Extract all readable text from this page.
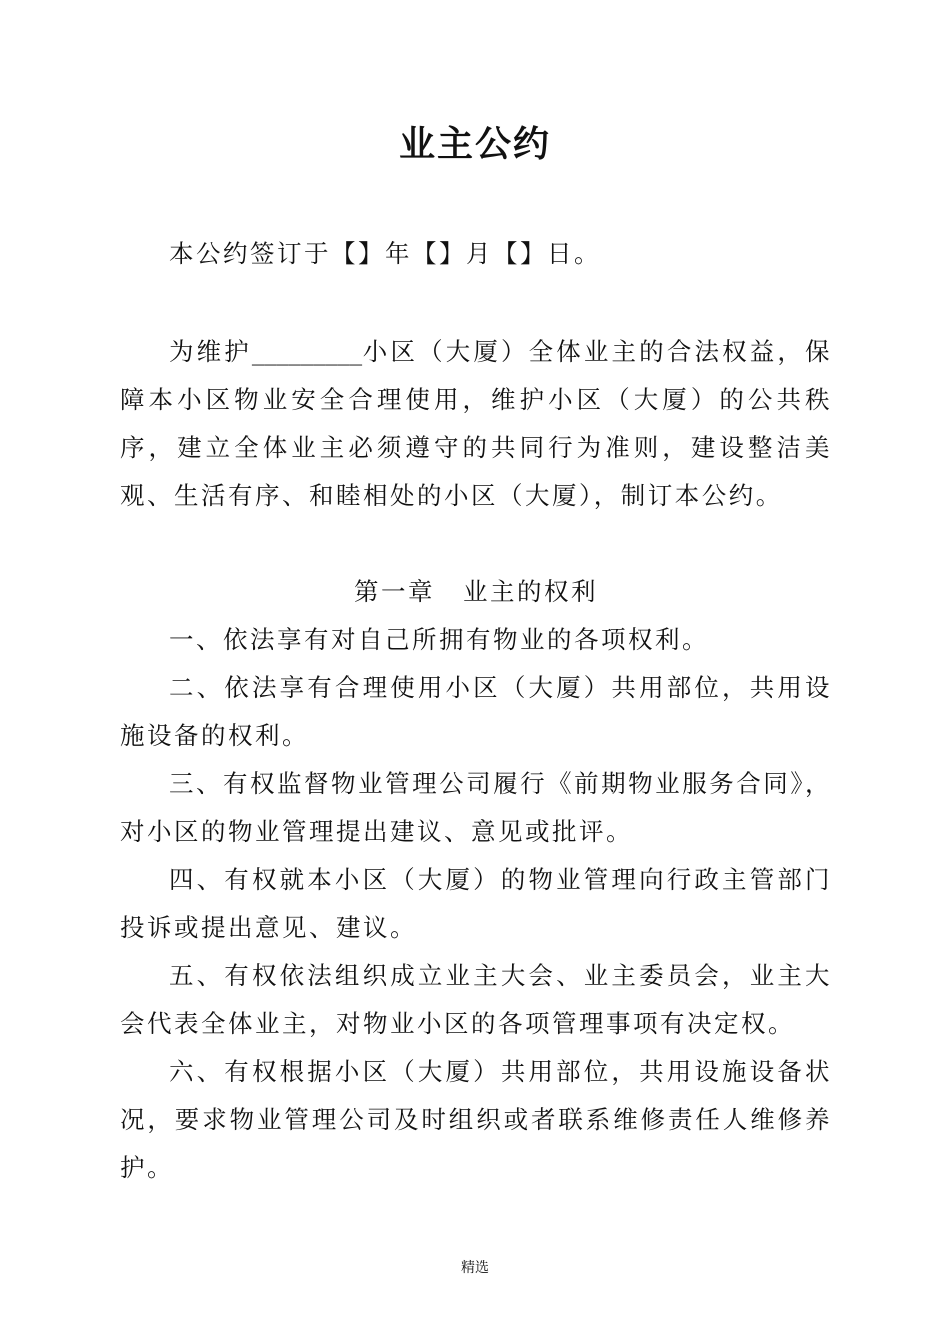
业主公约

本公约签订于【】年【】月【】日。

为维护_________小区（大厦）全体业主的合法权益，保障本小区物业安全合理使用，维护小区（大厦）的公共秩序，建立全体业主必须遵守的共同行为准则，建设整洁美观、生活有序、和睦相处的小区（大厦），制订本公约。

第一章 业主的权利

一、依法享有对自己所拥有物业的各项权利。

二、依法享有合理使用小区（大厦）共用部位，共用设施设备的权利。

三、有权监督物业管理公司履行《前期物业服务合同》，对小区的物业管理提出建议、意见或批评。

四、有权就本小区（大厦）的物业管理向行政主管部门投诉或提出意见、建议。

五、有权依法组织成立业主大会、业主委员会，业主大会代表全体业主，对物业小区的各项管理事项有决定权。

六、有权根据小区（大厦）共用部位，共用设施设备状况，要求物业管理公司及时组织或者联系维修责任人维修养护。

精选
